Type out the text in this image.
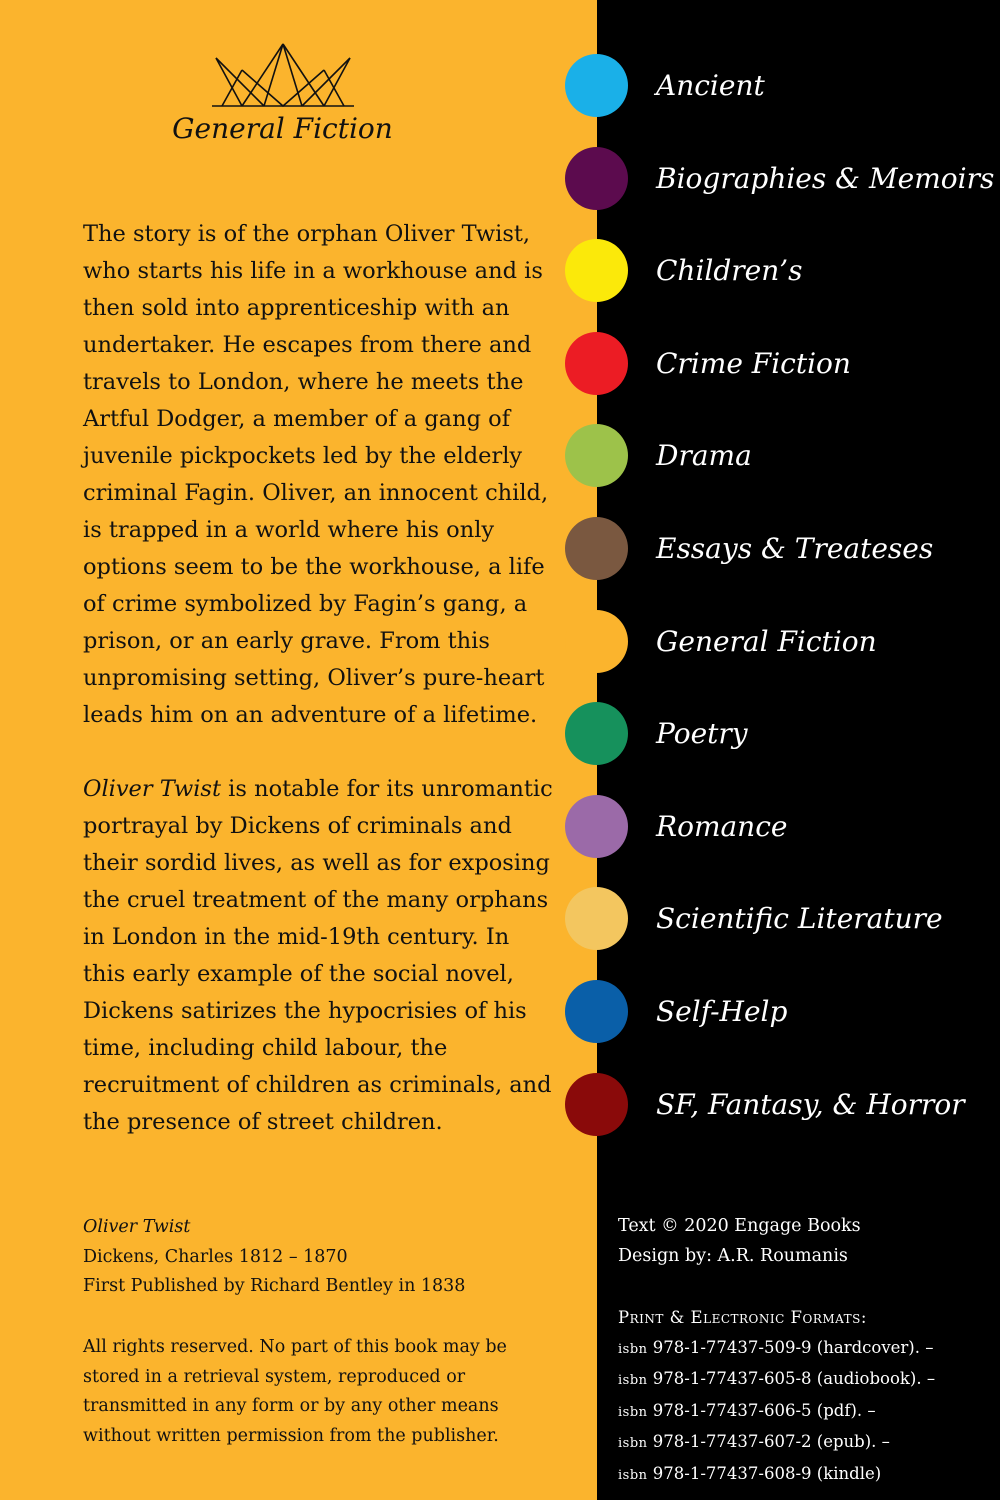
General Fiction

The story is of the orphan Oliver Twist, who starts his life in a workhouse and is then sold into apprenticeship with an undertaker. He escapes from there and travels to London, where he meets the Artful Dodger, a member of a gang of juvenile pickpockets led by the elderly criminal Fagin. Oliver, an innocent child, is trapped in a world where his only options seem to be the workhouse, a life of crime symbolized by Fagin’s gang, a prison, or an early grave. From this unpromising setting, Oliver’s pure-heart leads him on an adventure of a lifetime.

Oliver Twist is notable for its unromantic portrayal by Dickens of criminals and their sordid lives, as well as for exposing the cruel treatment of the many orphans in London in the mid-19th century. In this early example of the social novel, Dickens satirizes the hypocrisies of his time, including child labour, the recruitment of children as criminals, and the presence of street children.

Oliver Twist
Dickens, Charles 1812 – 1870
First Published by Richard Bentley in 1838

All rights reserved. No part of this book may be stored in a retrieval system, reproduced or transmitted in any form or by any other means without written permission from the publisher.

Ancient
Biographies & Memoirs
Children’s
Crime Fiction
Drama
Essays & Treateses
General Fiction
Poetry
Romance
Scientific Literature
Self-Help
SF, Fantasy, & Horror
Text © 2020 Engage Books
Design by: A.R. Roumanis
Print & Electronic Formats:
isbn 978-1-77437-509-9 (hardcover). –
isbn 978-1-77437-605-8 (audiobook). –
isbn 978-1-77437-606-5 (pdf). –
isbn 978-1-77437-607-2 (epub). –
isbn 978-1-77437-608-9 (kindle)
